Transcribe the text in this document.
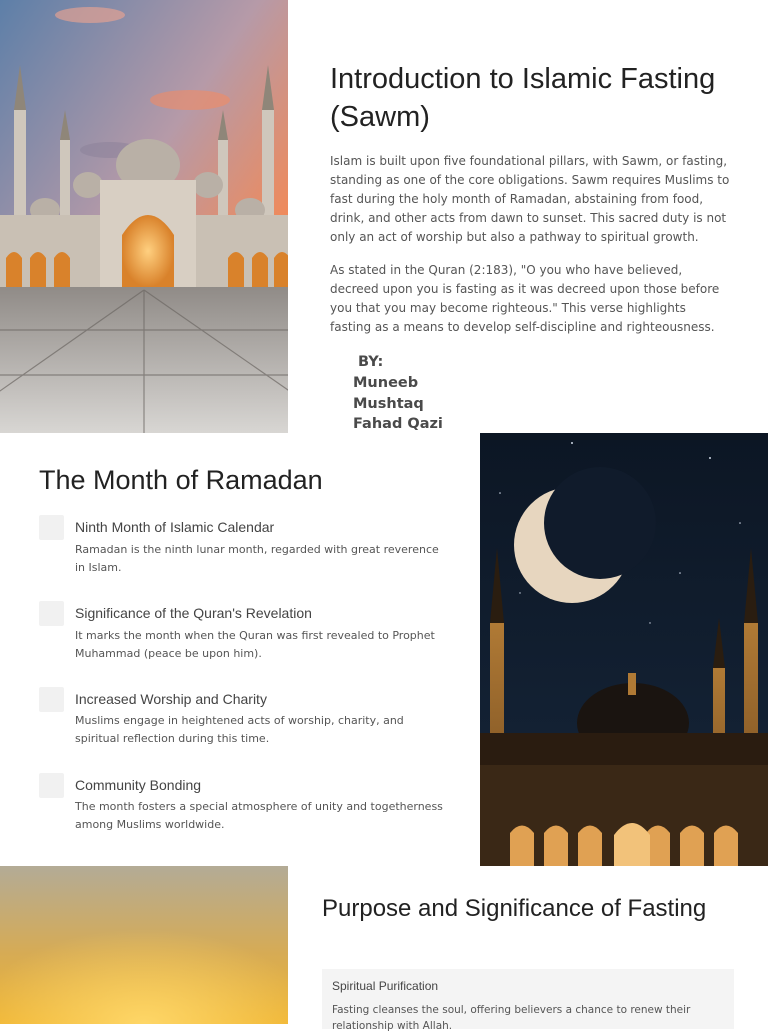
Introduction to Islamic Fasting (Sawm)

Islam is built upon five foundational pillars, with Sawm, or fasting, standing as one of the core obligations. Sawm requires Muslims to fast during the holy month of Ramadan, abstaining from food, drink, and other acts from dawn to sunset. This sacred duty is not only an act of worship but also a pathway to spiritual growth.

As stated in the Quran (2:183), "O you who have believed, decreed upon you is fasting as it was decreed upon those before you that you may become righteous." This verse highlights fasting as a means to develop self-discipline and righteousness.

BY:
Muneeb
Mushtaq
Fahad Qazi
The Month of Ramadan
Ninth Month of Islamic Calendar
Ramadan is the ninth lunar month, regarded with great reverence in Islam.
Significance of the Quran's Revelation
It marks the month when the Quran was first revealed to Prophet Muhammad (peace be upon him).
Increased Worship and Charity
Muslims engage in heightened acts of worship, charity, and spiritual reflection during this time.
Community Bonding
The month fosters a special atmosphere of unity and togetherness among Muslims worldwide.
Purpose and Significance of Fasting
Spiritual Purification
Fasting cleanses the soul, offering believers a chance to renew their relationship with Allah.
